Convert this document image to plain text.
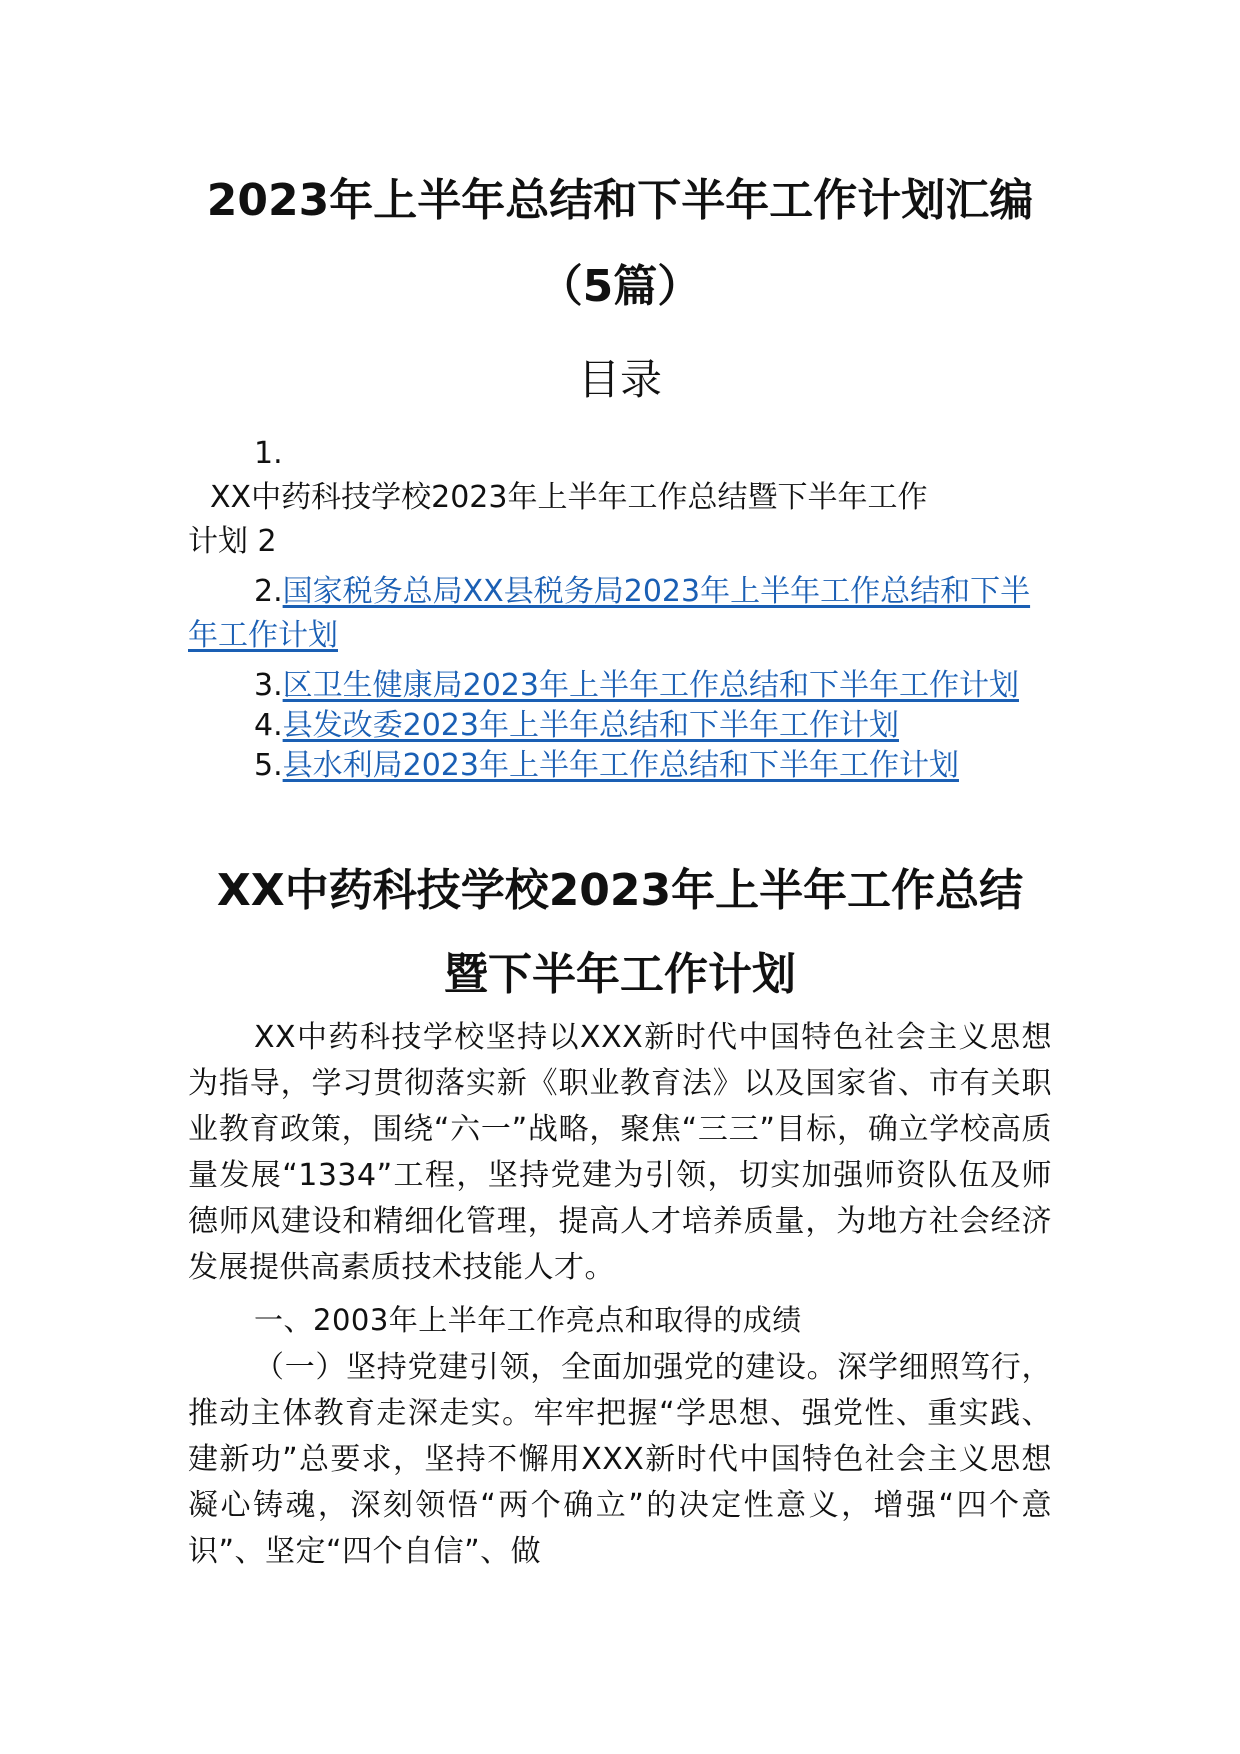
2023年上半年总结和下半年工作计划汇编
（5篇）
目录
1.
XX中药科技学校2023年上半年工作总结暨下半年工作
计划 2
2.国家税务总局XX县税务局2023年上半年工作总结和下半年工作计划
3.区卫生健康局2023年上半年工作总结和下半年工作计划
4.县发改委2023年上半年总结和下半年工作计划
5.县水利局2023年上半年工作总结和下半年工作计划
XX中药科技学校2023年上半年工作总结
暨下半年工作计划

XX中药科技学校坚持以XXX新时代中国特色社会主义思想为指导，学习贯彻落实新《职业教育法》以及国家省、市有关职业教育政策，围绕“六一”战略，聚焦“三三”目标，确立学校高质量发展“1334”工程，坚持党建为引领，切实加强师资队伍及师德师风建设和精细化管理，提高人才培养质量，为地方社会经济发展提供高素质技术技能人才。

一、2003年上半年工作亮点和取得的成绩

（一）坚持党建引领，全面加强党的建设。深学细照笃行，推动主体教育走深走实。牢牢把握“学思想、强党性、重实践、建新功”总要求，坚持不懈用XXX新时代中国特色社会主义思想凝心铸魂，深刻领悟“两个确立”的决定性意义，增强“四个意识”、坚定“四个自信”、做
